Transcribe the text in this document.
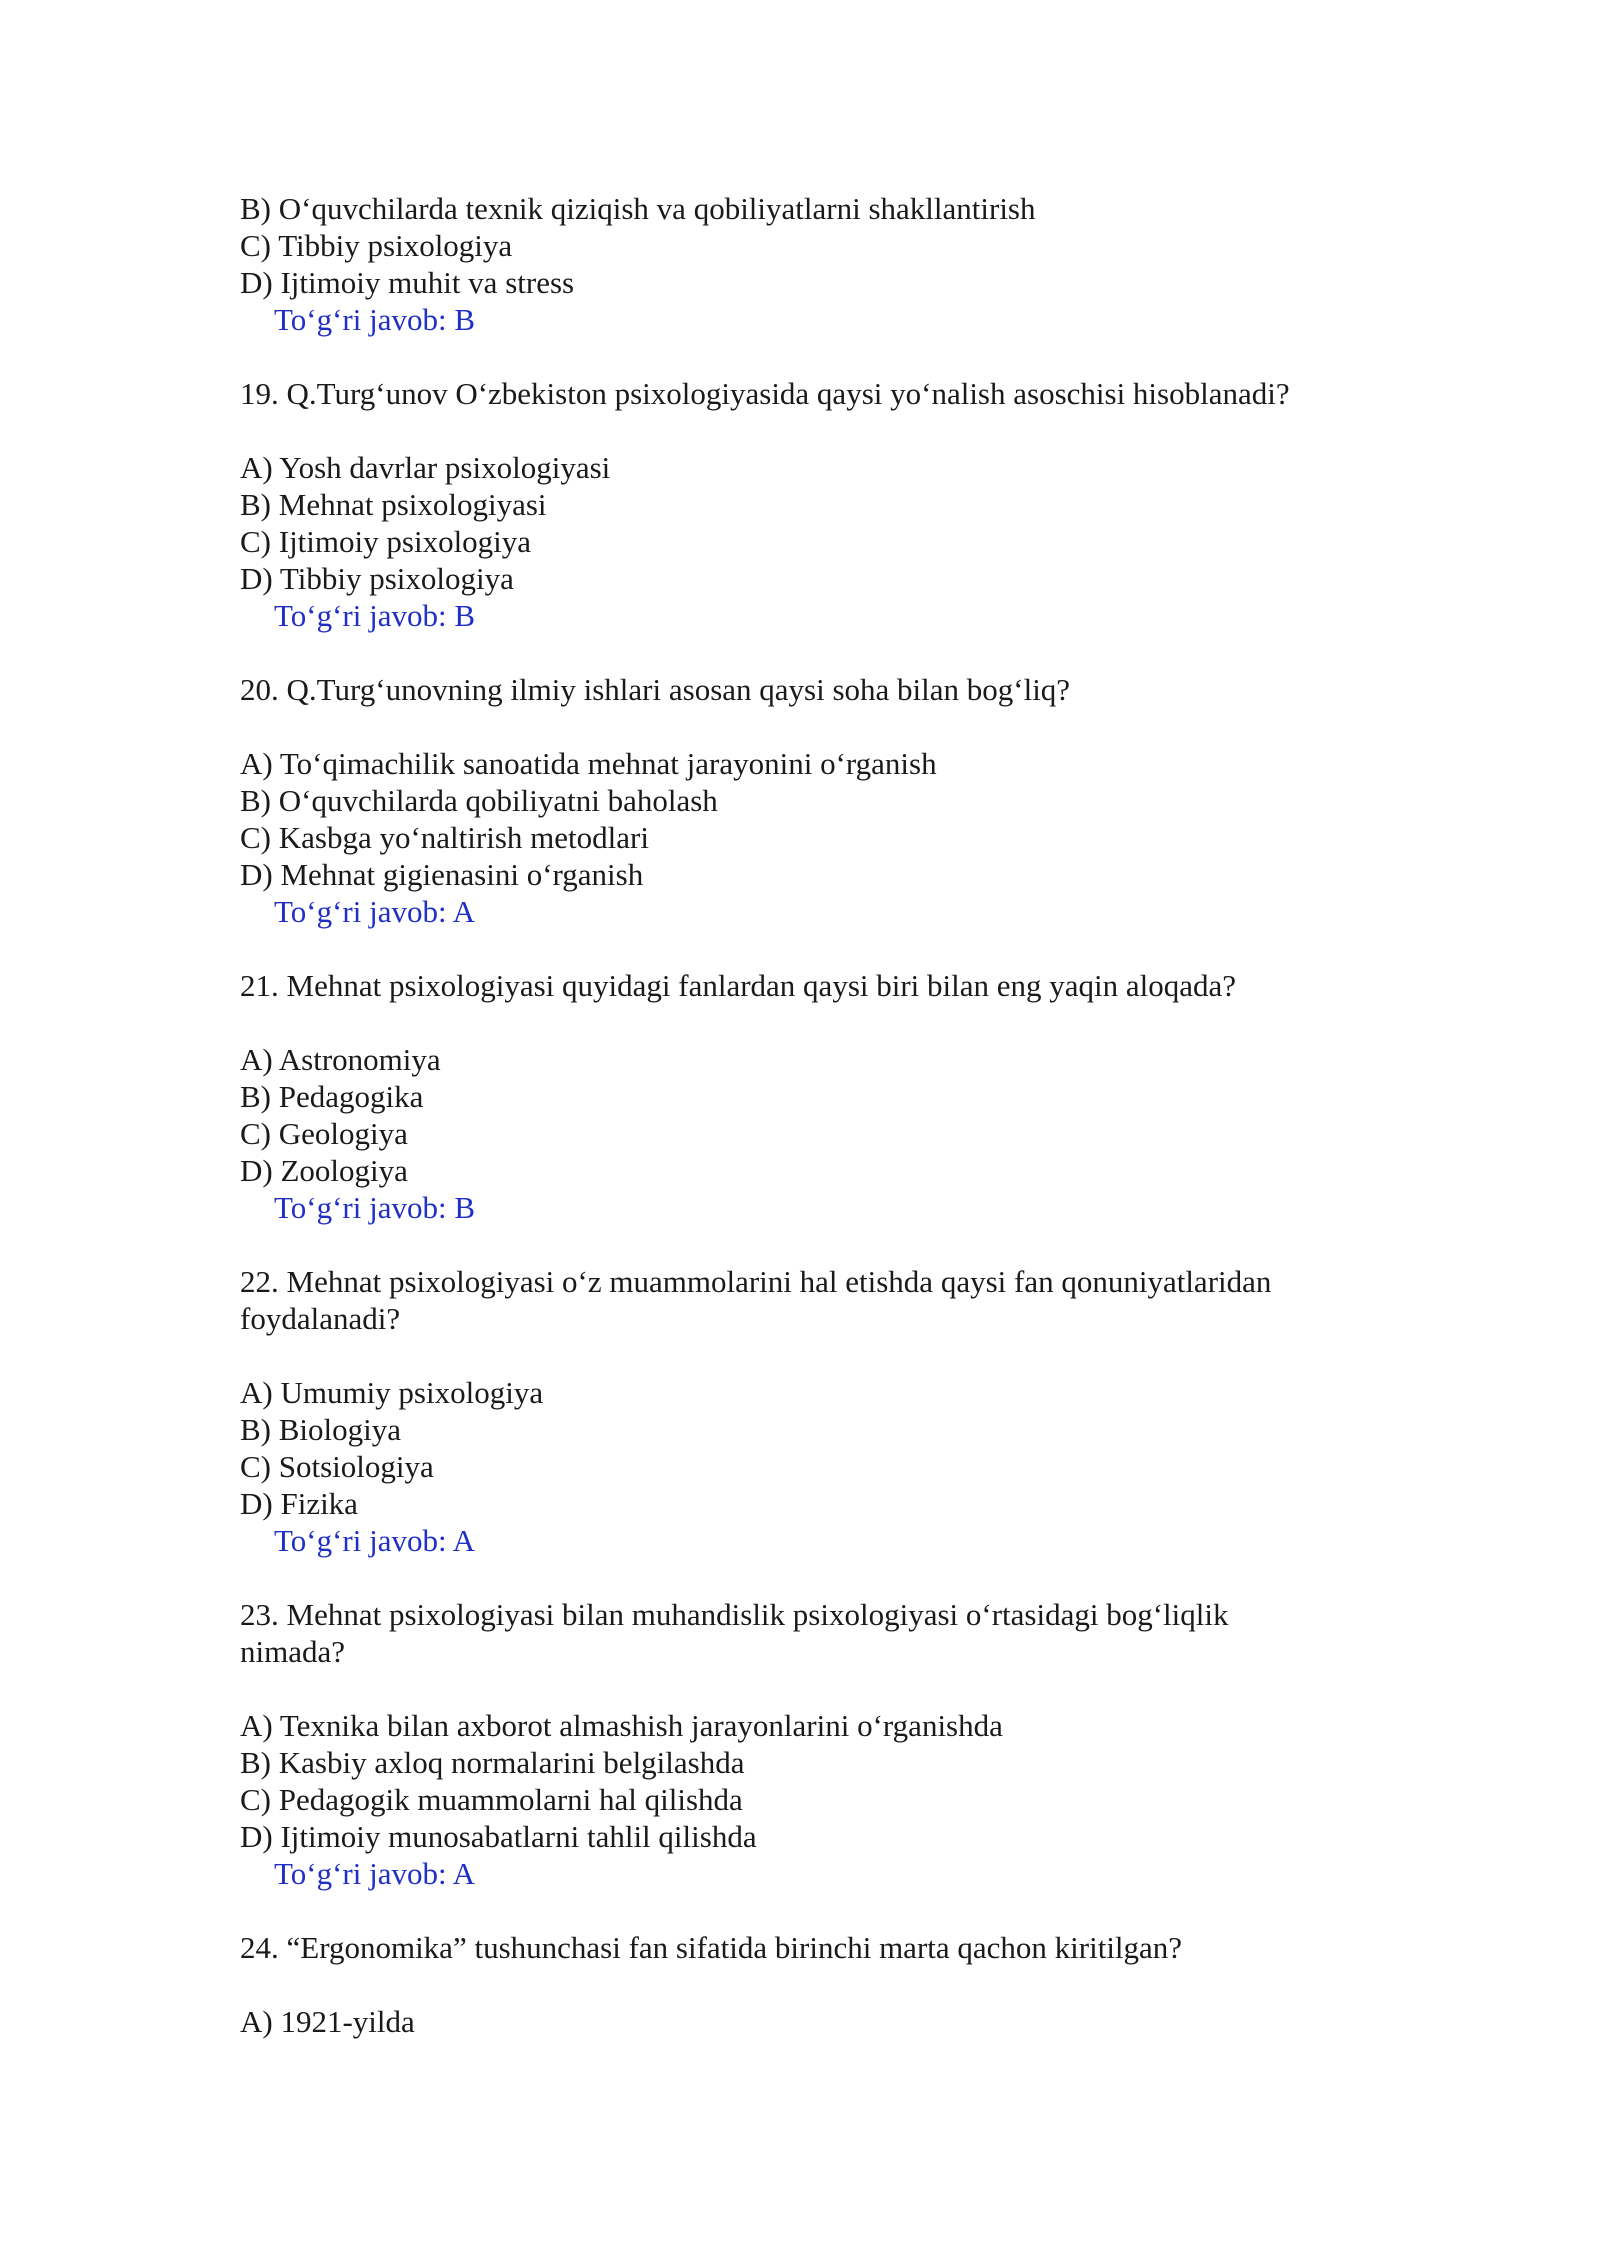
B) O‘quvchilarda texnik qiziqish va qobiliyatlarni shakllantirish
C) Tibbiy psixologiya
D) Ijtimoiy muhit va stress
To‘g‘ri javob: B
19. Q.Turg‘unov O‘zbekiston psixologiyasida qaysi yo‘nalish asoschisi hisoblanadi?
A) Yosh davrlar psixologiyasi
B) Mehnat psixologiyasi
C) Ijtimoiy psixologiya
D) Tibbiy psixologiya
To‘g‘ri javob: B
20. Q.Turg‘unovning ilmiy ishlari asosan qaysi soha bilan bog‘liq?
A) To‘qimachilik sanoatida mehnat jarayonini o‘rganish
B) O‘quvchilarda qobiliyatni baholash
C) Kasbga yo‘naltirish metodlari
D) Mehnat gigienasini o‘rganish
To‘g‘ri javob: A
21. Mehnat psixologiyasi quyidagi fanlardan qaysi biri bilan eng yaqin aloqada?
A) Astronomiya
B) Pedagogika
C) Geologiya
D) Zoologiya
To‘g‘ri javob: B
22. Mehnat psixologiyasi o‘z muammolarini hal etishda qaysi fan qonuniyatlaridan
foydalanadi?
A) Umumiy psixologiya
B) Biologiya
C) Sotsiologiya
D) Fizika
To‘g‘ri javob: A
23. Mehnat psixologiyasi bilan muhandislik psixologiyasi o‘rtasidagi bog‘liqlik
nimada?
A) Texnika bilan axborot almashish jarayonlarini o‘rganishda
B) Kasbiy axloq normalarini belgilashda
C) Pedagogik muammolarni hal qilishda
D) Ijtimoiy munosabatlarni tahlil qilishda
To‘g‘ri javob: A
24. “Ergonomika” tushunchasi fan sifatida birinchi marta qachon kiritilgan?
A) 1921-yilda
